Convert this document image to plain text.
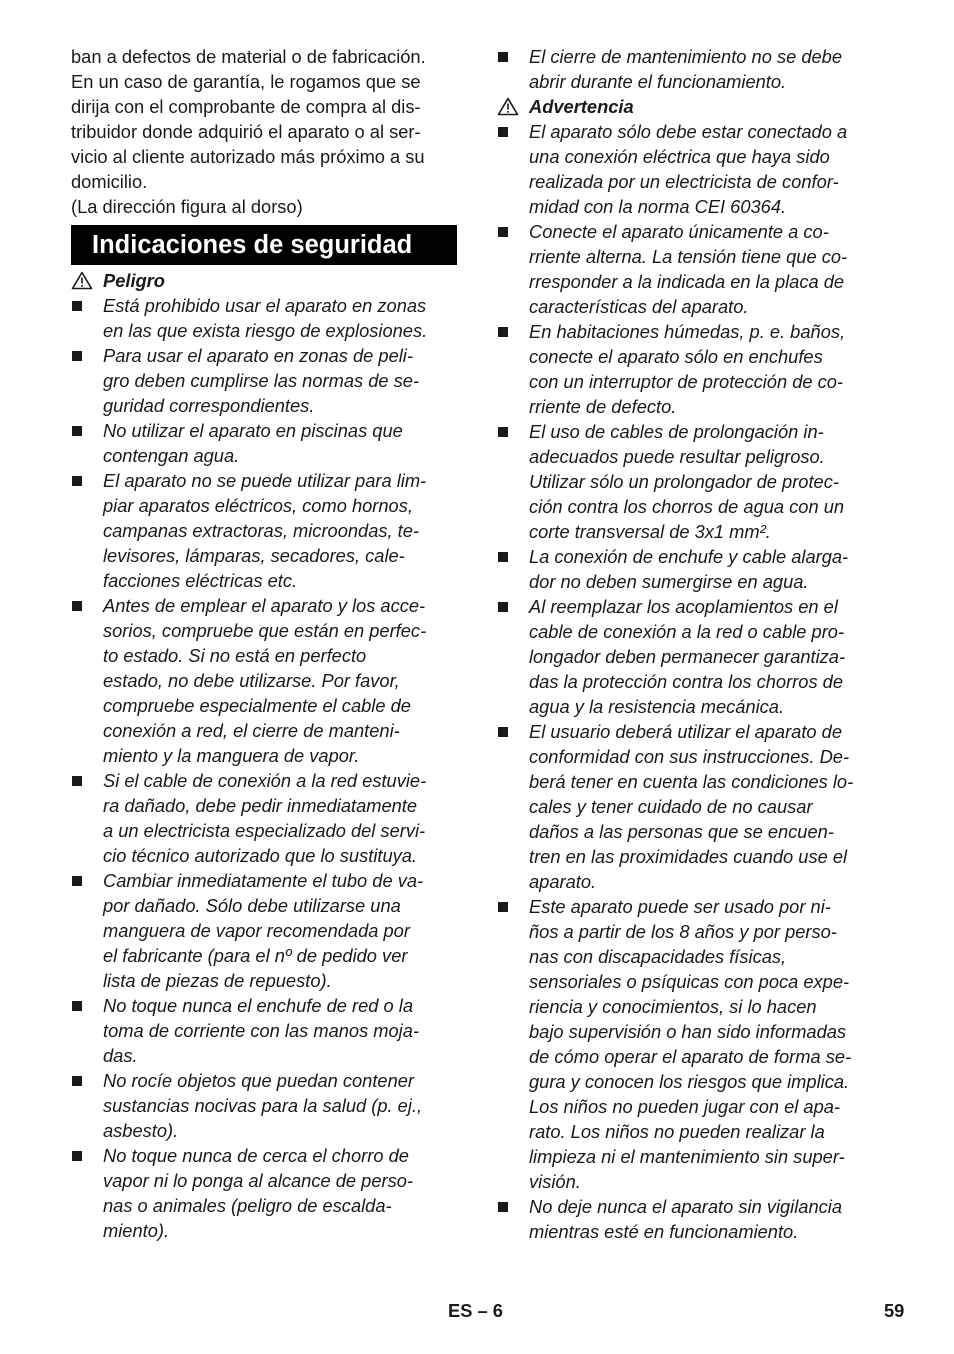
ban a defectos de material o de fabricación.
En un caso de garantía, le rogamos que se
dirija con el comprobante de compra al dis-
tribuidor donde adquirió el aparato o al ser-
vicio al cliente autorizado más próximo a su
domicilio.
(La dirección figura al dorso)

Indicaciones de seguridad
Peligro
Está prohibido usar el aparato en zonas
en las que exista riesgo de explosiones.
Para usar el aparato en zonas de peli-
gro deben cumplirse las normas de se-
guridad correspondientes.
No utilizar el aparato en piscinas que
contengan agua.
El aparato no se puede utilizar para lim-
piar aparatos eléctricos, como hornos,
campanas extractoras, microondas, te-
levisores, lámparas, secadores, cale-
facciones eléctricas etc.
Antes de emplear el aparato y los acce-
sorios, compruebe que están en perfec-
to estado. Si no está en perfecto
estado, no debe utilizarse. Por favor,
compruebe especialmente el cable de
conexión a red, el cierre de manteni-
miento y la manguera de vapor.
Si el cable de conexión a la red estuvie-
ra dañado, debe pedir inmediatamente
a un electricista especializado del servi-
cio técnico autorizado que lo sustituya.
Cambiar inmediatamente el tubo de va-
por dañado. Sólo debe utilizarse una
manguera de vapor recomendada por
el fabricante (para el nº de pedido ver
lista de piezas de repuesto).
No toque nunca el enchufe de red o la
toma de corriente con las manos moja-
das.
No rocíe objetos que puedan contener
sustancias nocivas para la salud (p. ej.,
asbesto).
No toque nunca de cerca el chorro de
vapor ni lo ponga al alcance de perso-
nas o animales (peligro de escalda-
miento).
El cierre de mantenimiento no se debe
abrir durante el funcionamiento.
Advertencia
El aparato sólo debe estar conectado a
una conexión eléctrica que haya sido
realizada por un electricista de confor-
midad con la norma CEI 60364.
Conecte el aparato únicamente a co-
rriente alterna. La tensión tiene que co-
rresponder a la indicada en la placa de
características del aparato.
En habitaciones húmedas, p. e. baños,
conecte el aparato sólo en enchufes
con un interruptor de protección de co-
rriente de defecto.
El uso de cables de prolongación in-
adecuados puede resultar peligroso.
Utilizar sólo un prolongador de protec-
ción contra los chorros de agua con un
corte transversal de 3x1 mm².
La conexión de enchufe y cable alarga-
dor no deben sumergirse en agua.
Al reemplazar los acoplamientos en el
cable de conexión a la red o cable pro-
longador deben permanecer garantiza-
das la protección contra los chorros de
agua y la resistencia mecánica.
El usuario deberá utilizar el aparato de
conformidad con sus instrucciones. De-
berá tener en cuenta las condiciones lo-
cales y tener cuidado de no causar
daños a las personas que se encuen-
tren en las proximidades cuando use el
aparato.
Este aparato puede ser usado por ni-
ños a partir de los 8 años y por perso-
nas con discapacidades físicas,
sensoriales o psíquicas con poca expe-
riencia y conocimientos, si lo hacen
bajo supervisión o han sido informadas
de cómo operar el aparato de forma se-
gura y conocen los riesgos que implica.
Los niños no pueden jugar con el apa-
rato. Los niños no pueden realizar la
limpieza ni el mantenimiento sin super-
visión.
No deje nunca el aparato sin vigilancia
mientras esté en funcionamiento.
ES – 6	59
